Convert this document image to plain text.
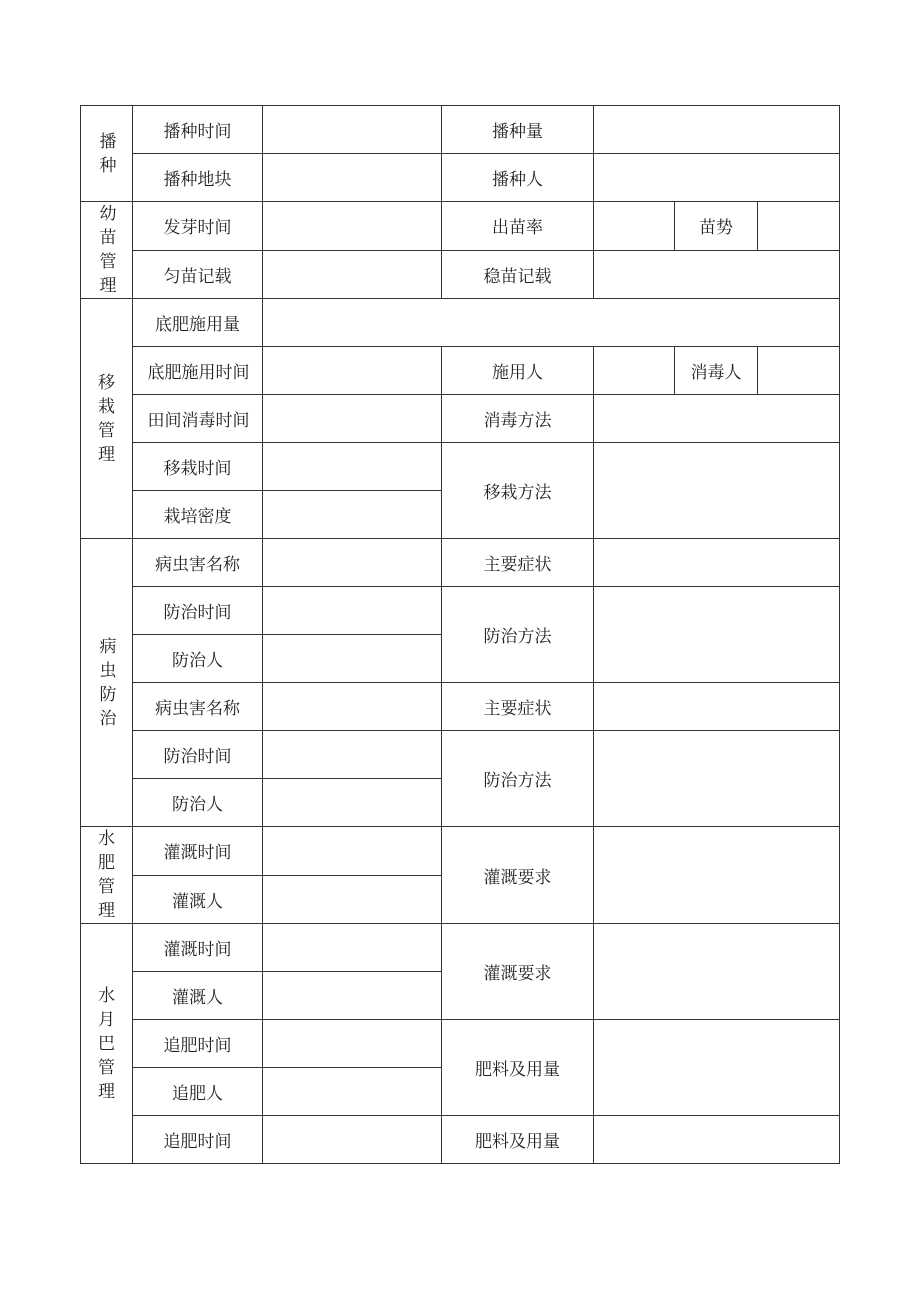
播种	播种时间		播种量			
	播种地块		播种人			
幼苗管理	发芽时间		出苗率		苗势	
	匀苗记载		稳苗记载			
移栽管理	底肥施用量					
	底肥施用时间		施用人		消毒人	
	田间消毒时间		消毒方法			
	移栽时间		移栽方法			
	栽培密度					
病虫防治	病虫害名称		主要症状			
	防治时间		防治方法			
	防治人					
	病虫害名称		主要症状			
	防治时间		防治方法			
	防治人					
水肥管理	灌溉时间		灌溉要求			
	灌溉人					
水月巴管理	灌溉时间		灌溉要求			
	灌溉人					
	追肥时间		肥料及用量			
	追肥人					
	追肥时间		肥料及用量			
